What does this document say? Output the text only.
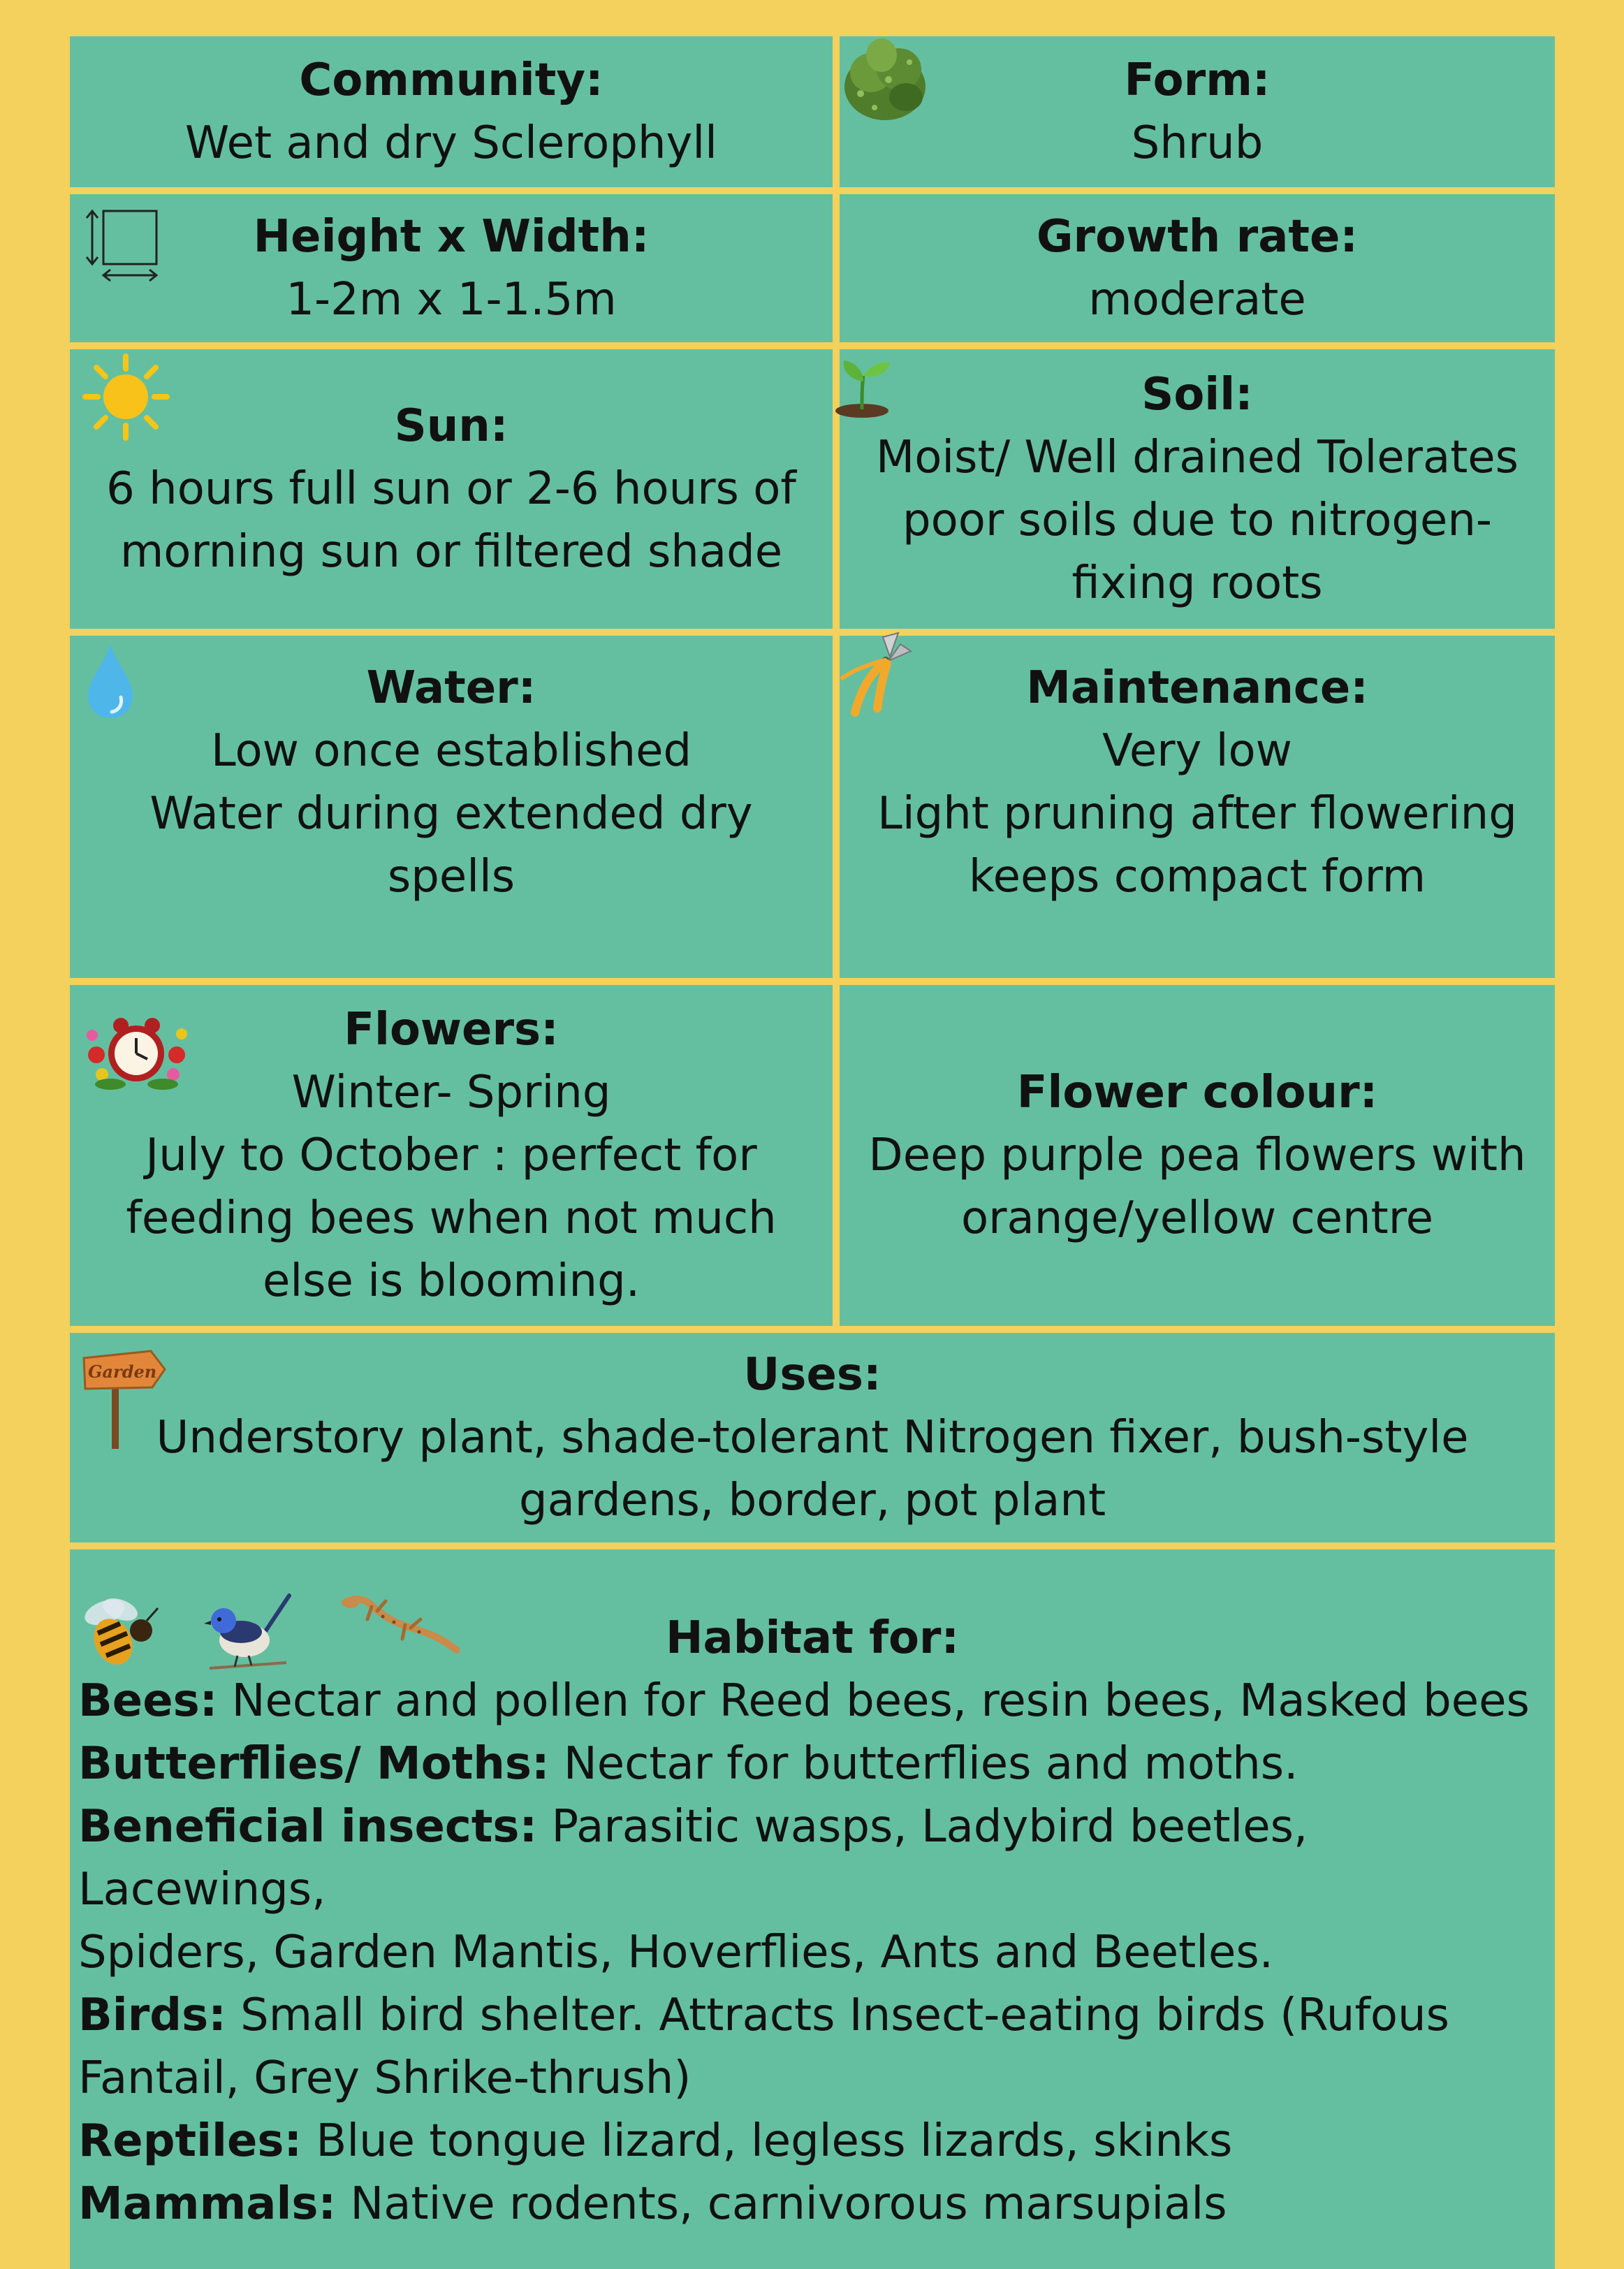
Community:
Wet and dry Sclerophyll
Form:
Shrub
Height x Width:
1-2m x 1-1.5m
Growth rate:
moderate
Sun:
6 hours full sun or 2-6 hours of
morning sun or filtered shade
Soil:
Moist/ Well drained Tolerates
poor soils due to nitrogen-
fixing roots
Water:
Low once established
Water during extended dry
spells
Maintenance:
Very low
Light pruning after flowering
keeps compact form
Flowers:
Winter- Spring
July to October : perfect for
feeding bees when not much
else is blooming.
Flower colour:
Deep purple pea flowers with
orange/yellow centre
Garden	Uses:
Understory plant, shade-tolerant Nitrogen fixer, bush-style
gardens, border, pot plant
Habitat for:
Bees: Nectar and pollen for Reed bees, resin bees, Masked bees
Butterflies/ Moths: Nectar for butterflies and moths.
Beneficial insects: Parasitic wasps, Ladybird beetles, Lacewings,
Spiders, Garden Mantis, Hoverflies, Ants and Beetles.
Birds: Small bird shelter. Attracts Insect-eating birds (Rufous
Fantail, Grey Shrike-thrush)
Reptiles: Blue tongue lizard, legless lizards, skinks
Mammals: Native rodents, carnivorous marsupials
